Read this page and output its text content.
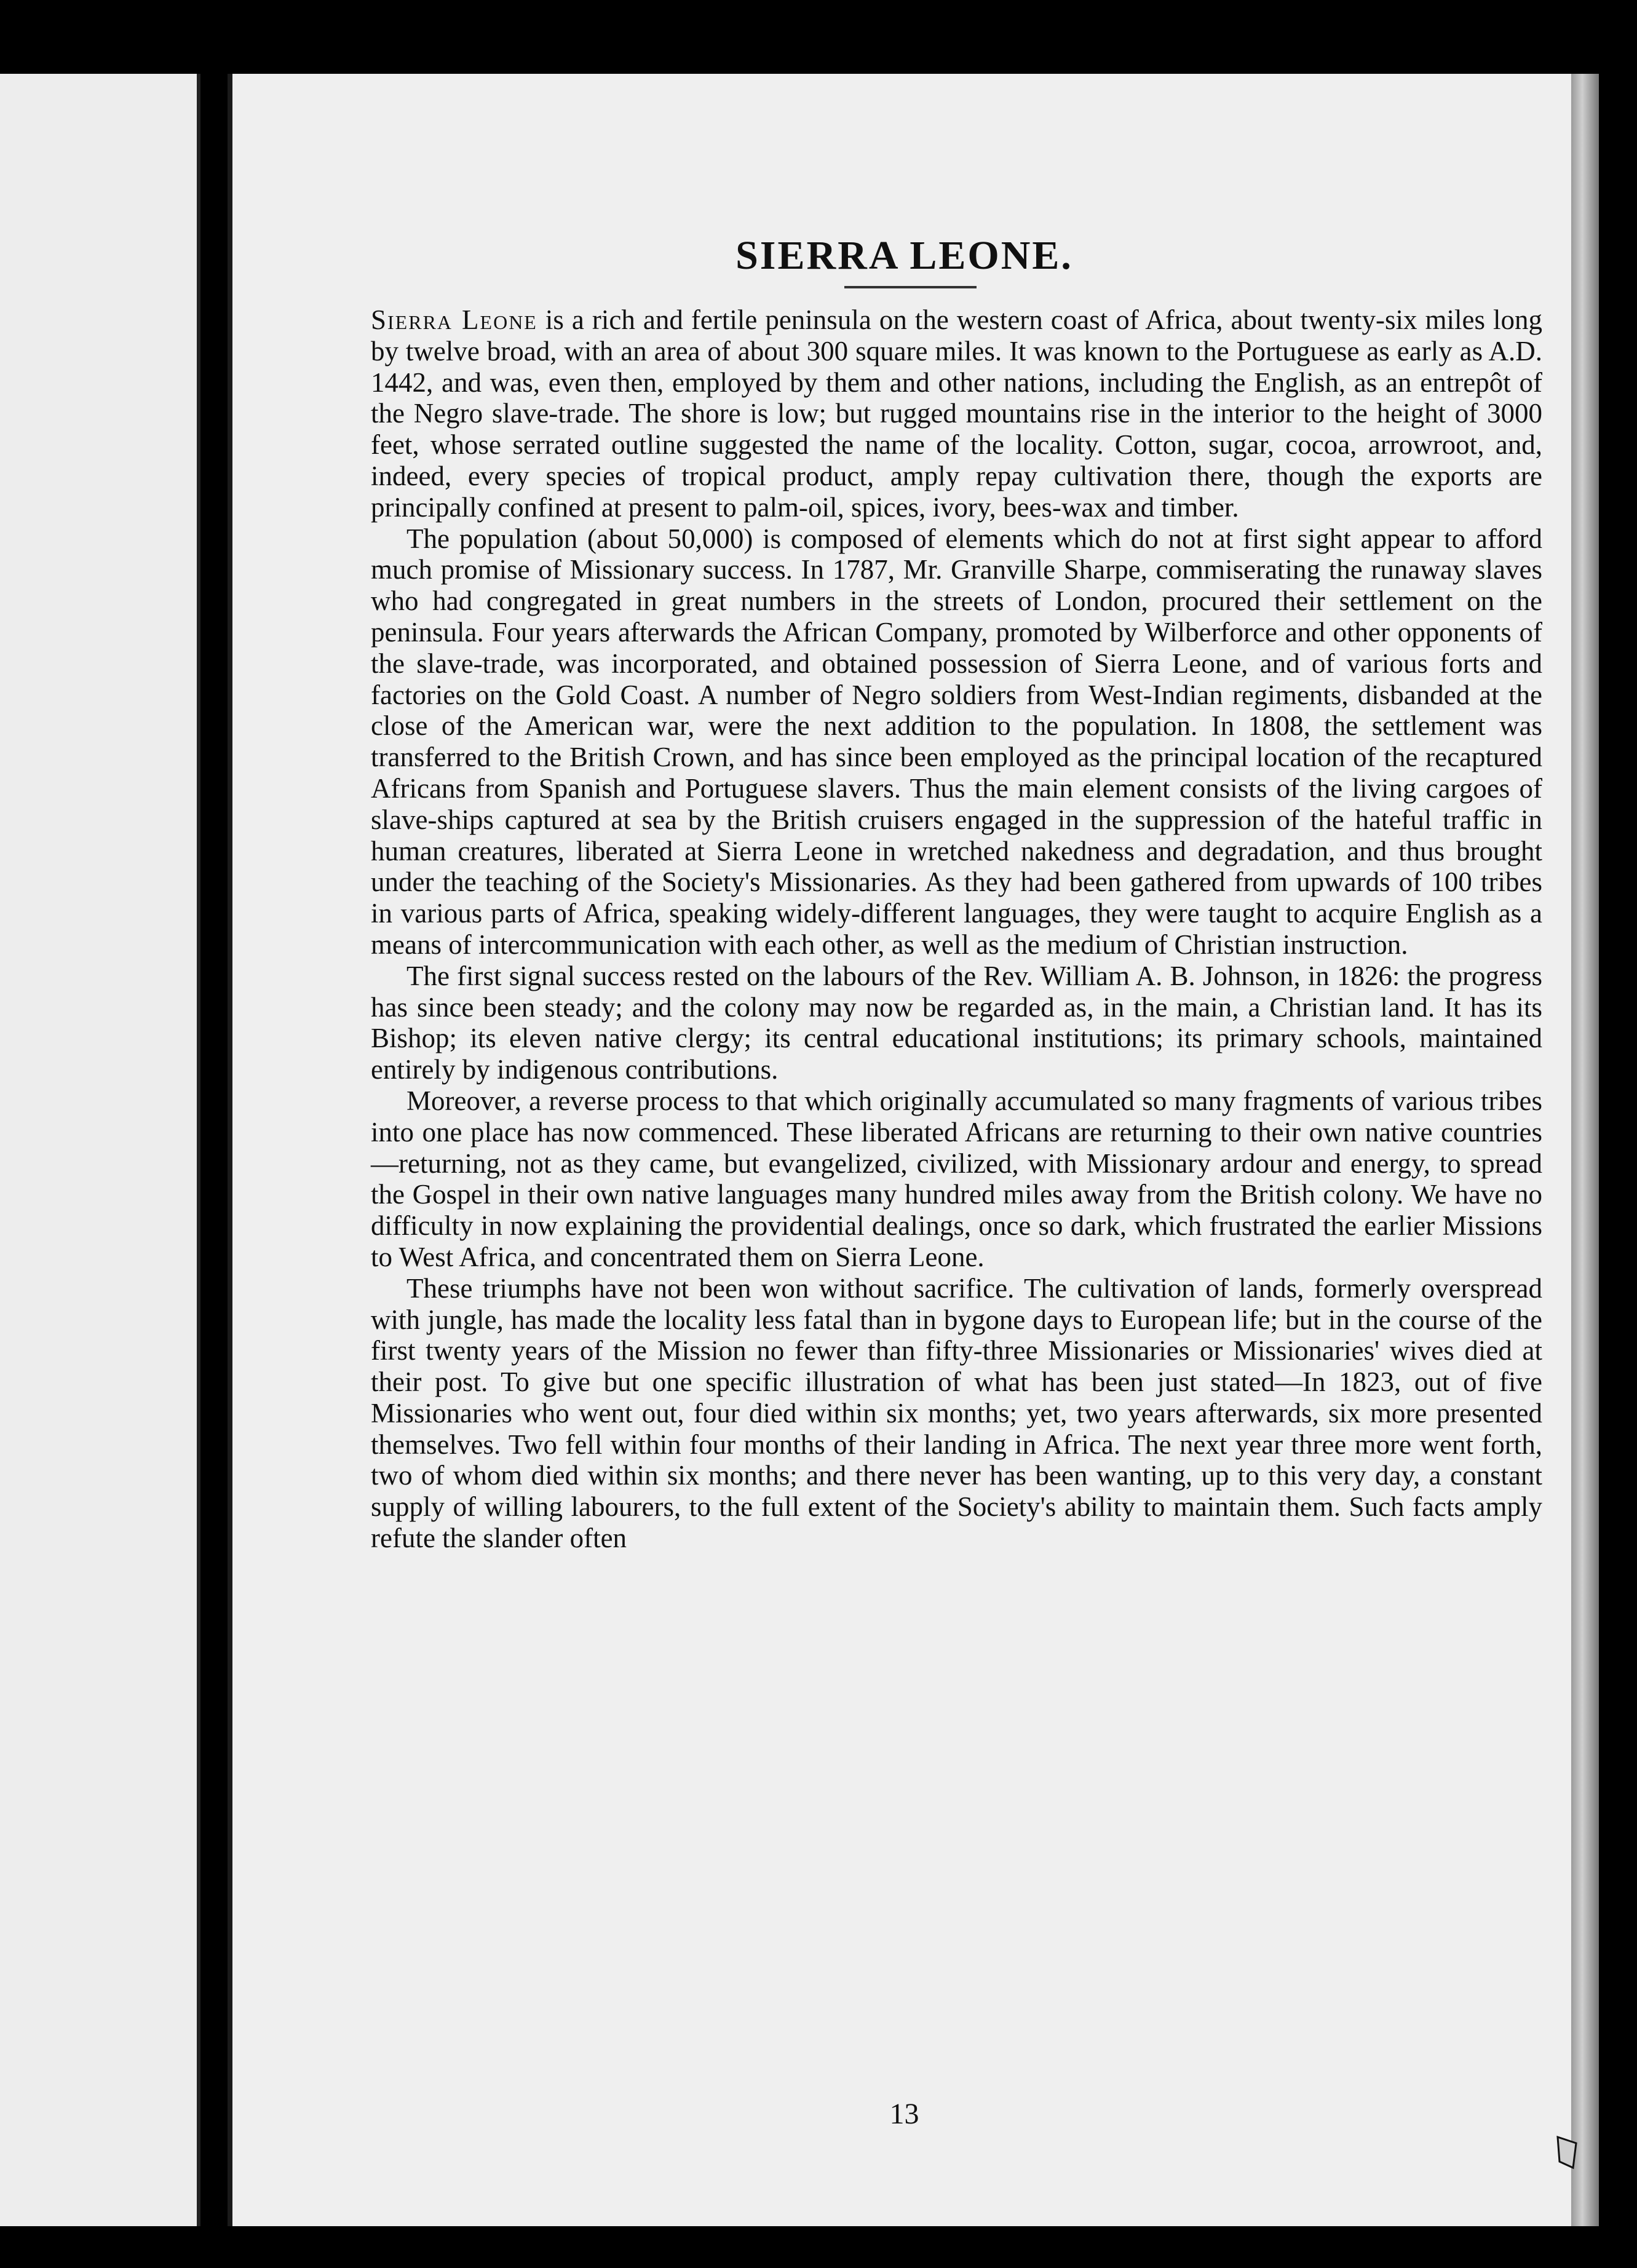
SIERRA LEONE.

Sierra Leone is a rich and fertile peninsula on the western coast of Africa, about twenty-six miles long by twelve broad, with an area of about 300 square miles. It was known to the Portuguese as early as A.D. 1442, and was, even then, employed by them and other nations, including the English, as an entrepôt of the Negro slave-trade. The shore is low; but rugged mountains rise in the interior to the height of 3000 feet, whose serrated outline suggested the name of the locality. Cotton, sugar, cocoa, arrowroot, and, indeed, every species of tropical product, amply repay cultivation there, though the exports are principally confined at present to palm-oil, spices, ivory, bees-wax and timber.

The population (about 50,000) is composed of elements which do not at first sight appear to afford much promise of Missionary success. In 1787, Mr. Granville Sharpe, commiserating the runaway slaves who had congregated in great numbers in the streets of London, procured their settlement on the peninsula. Four years afterwards the African Company, promoted by Wilberforce and other opponents of the slave-trade, was incorporated, and obtained possession of Sierra Leone, and of various forts and factories on the Gold Coast. A number of Negro soldiers from West-Indian regiments, disbanded at the close of the American war, were the next addition to the population. In 1808, the settlement was transferred to the British Crown, and has since been employed as the principal location of the recaptured Africans from Spanish and Portuguese slavers. Thus the main element consists of the living cargoes of slave-ships captured at sea by the British cruisers engaged in the suppression of the hateful traffic in human creatures, liberated at Sierra Leone in wretched nakedness and degradation, and thus brought under the teaching of the Society's Missionaries. As they had been gathered from upwards of 100 tribes in various parts of Africa, speaking widely-different languages, they were taught to acquire English as a means of intercommunication with each other, as well as the medium of Christian instruction.

The first signal success rested on the labours of the Rev. William A. B. Johnson, in 1826: the progress has since been steady; and the colony may now be regarded as, in the main, a Christian land. It has its Bishop; its eleven native clergy; its central educational institutions; its primary schools, maintained entirely by indigenous contributions.

Moreover, a reverse process to that which originally accumulated so many fragments of various tribes into one place has now commenced. These liberated Africans are returning to their own native countries—returning, not as they came, but evangelized, civilized, with Missionary ardour and energy, to spread the Gospel in their own native languages many hundred miles away from the British colony. We have no difficulty in now explaining the providential dealings, once so dark, which frustrated the earlier Missions to West Africa, and concentrated them on Sierra Leone.

These triumphs have not been won without sacrifice. The cultivation of lands, formerly overspread with jungle, has made the locality less fatal than in bygone days to European life; but in the course of the first twenty years of the Mission no fewer than fifty-three Missionaries or Missionaries' wives died at their post. To give but one specific illustration of what has been just stated—In 1823, out of five Missionaries who went out, four died within six months; yet, two years afterwards, six more presented themselves. Two fell within four months of their landing in Africa. The next year three more went forth, two of whom died within six months; and there never has been wanting, up to this very day, a constant supply of willing labourers, to the full extent of the Society's ability to maintain them. Such facts amply refute the slander often

13
